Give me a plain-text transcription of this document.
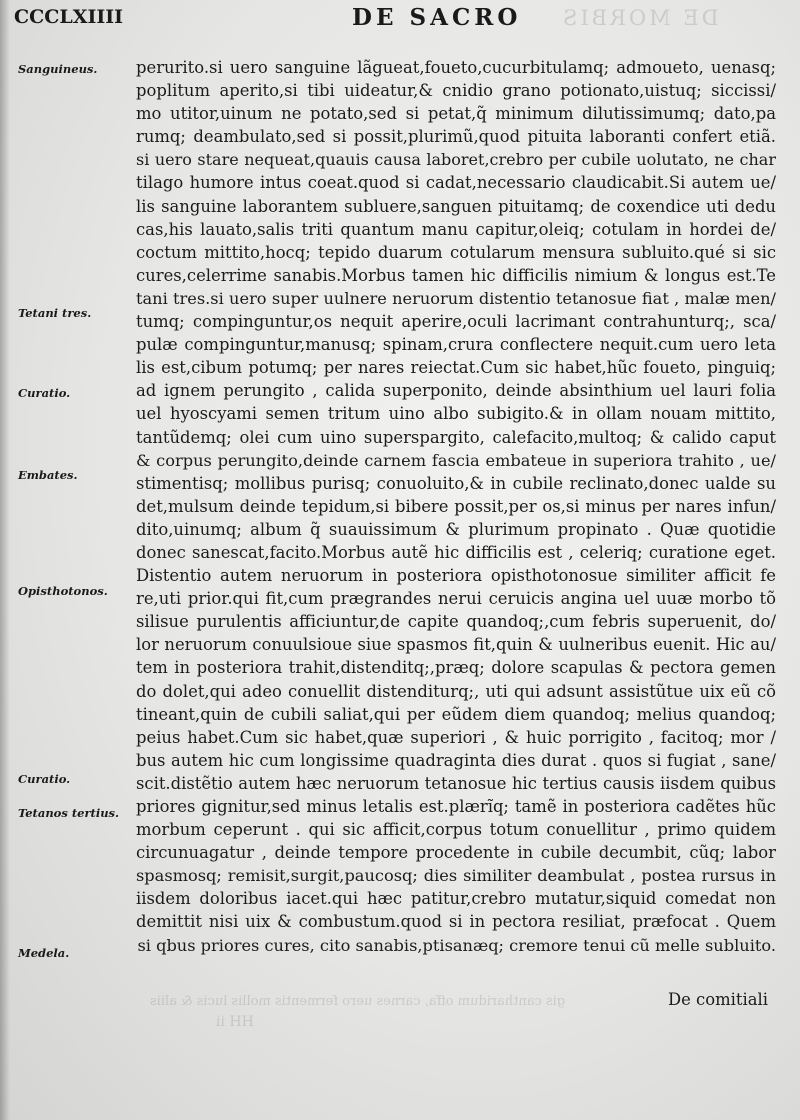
DE MORBIS
gis cantharidum offa, carnes uero fermentis mollis lucis & aliis
HH ii
CCCLXIIII	DE SACRO
Sanguineus.
Tetani tres.
Curatio.
Embates.
Opisthotonos.
Curatio.
Tetanos tertius.
Medela.
perurito.si uero sanguine lãgueat,foueto,cucurbitulamq; admoueto, uenasq;
poplitum aperito,si tibi uideatur,& cnidio grano potionato,uistuq; siccissi/
mo utitor,uinum ne potato,sed si petat,q̃ minimum dilutissimumq; dato,pa
rumq; deambulato,sed si possit,plurimũ,quod pituita laboranti confert etiã.
si uero stare nequeat,quauis causa laboret,crebro per cubile uolutato, ne char
tilago humore intus coeat.quod si cadat,necessario claudicabit.Si autem ue/
lis sanguine laborantem subluere,sanguen pituitamq; de coxendice uti dedu
cas,his lauato,salis triti quantum manu capitur,oleiq; cotulam in hordei de/
coctum mittito,hocq; tepido duarum cotularum mensura subluito.qué si sic
cures,celerrime sanabis.Morbus tamen hic difficilis nimium & longus est.Te
tani tres.si uero super uulnere neruorum distentio tetanosue fiat , malæ men/
tumq; compinguntur,os nequit aperire,oculi lacrimant contrahunturq;, sca/
pulæ compinguntur,manusq; spinam,crura conflectere nequit.cum uero leta
lis est,cibum potumq; per nares reiectat.Cum sic habet,hũc foueto, pinguiq;
ad ignem perungito , calida superponito, deinde absinthium uel lauri folia
uel hyoscyami semen tritum uino albo subigito.& in ollam nouam mittito,
tantũdemq; olei cum uino superspargito, calefacito,multoq; & calido caput
& corpus perungito,deinde carnem fascia embateue in superiora trahito , ue/
stimentisq; mollibus purisq; conuoluito,& in cubile reclinato,donec ualde su
det,mulsum deinde tepidum,si bibere possit,per os,si minus per nares infun/
dito,uinumq; album q̃ suauissimum & plurimum propinato . Quæ quotidie
donec sanescat,facito.Morbus autẽ hic difficilis est , celeriq; curatione eget.
Distentio autem neruorum in posteriora opisthotonosue similiter afficit fe
re,uti prior.qui fit,cum prægrandes nerui ceruicis angina uel uuæ morbo tõ
silisue purulentis afficiuntur,de capite quandoq;,cum febris superuenit, do/
lor neruorum conuulsioue siue spasmos fit,quin & uulneribus euenit. Hic au/
tem in posteriora trahit,distenditq;,præq; dolore scapulas & pectora gemen
do dolet,qui adeo conuellit distenditurq;, uti qui adsunt assistũtue uix eũ cõ
tineant,quin de cubili saliat,qui per eũdem diem quandoq; melius quandoq;
peius habet.Cum sic habet,quæ superiori , & huic porrigito , facitoq; mor /
bus autem hic cum longissime quadraginta dies durat . quos si fugiat , sane/
scit.distẽtio autem hæc neruorum tetanosue hic tertius causis iisdem quibus
priores gignitur,sed minus letalis est.plærĩq; tamẽ in posteriora cadẽtes hũc
morbum ceperunt . qui sic afficit,corpus totum conuellitur , primo quidem
circunuagatur , deinde tempore procedente in cubile decumbit, cũq; labor
spasmosq; remisit,surgit,paucosq; dies similiter deambulat , postea rursus in
iisdem doloribus iacet.qui hæc patitur,crebro mutatur,siquid comedat non
demittit nisi uix & combustum.quod si in pectora resiliat, præfocat . Quem
si qbus priores cures, cito sanabis,ptisanæq; cremore tenui cũ melle subluito.
De comitiali
